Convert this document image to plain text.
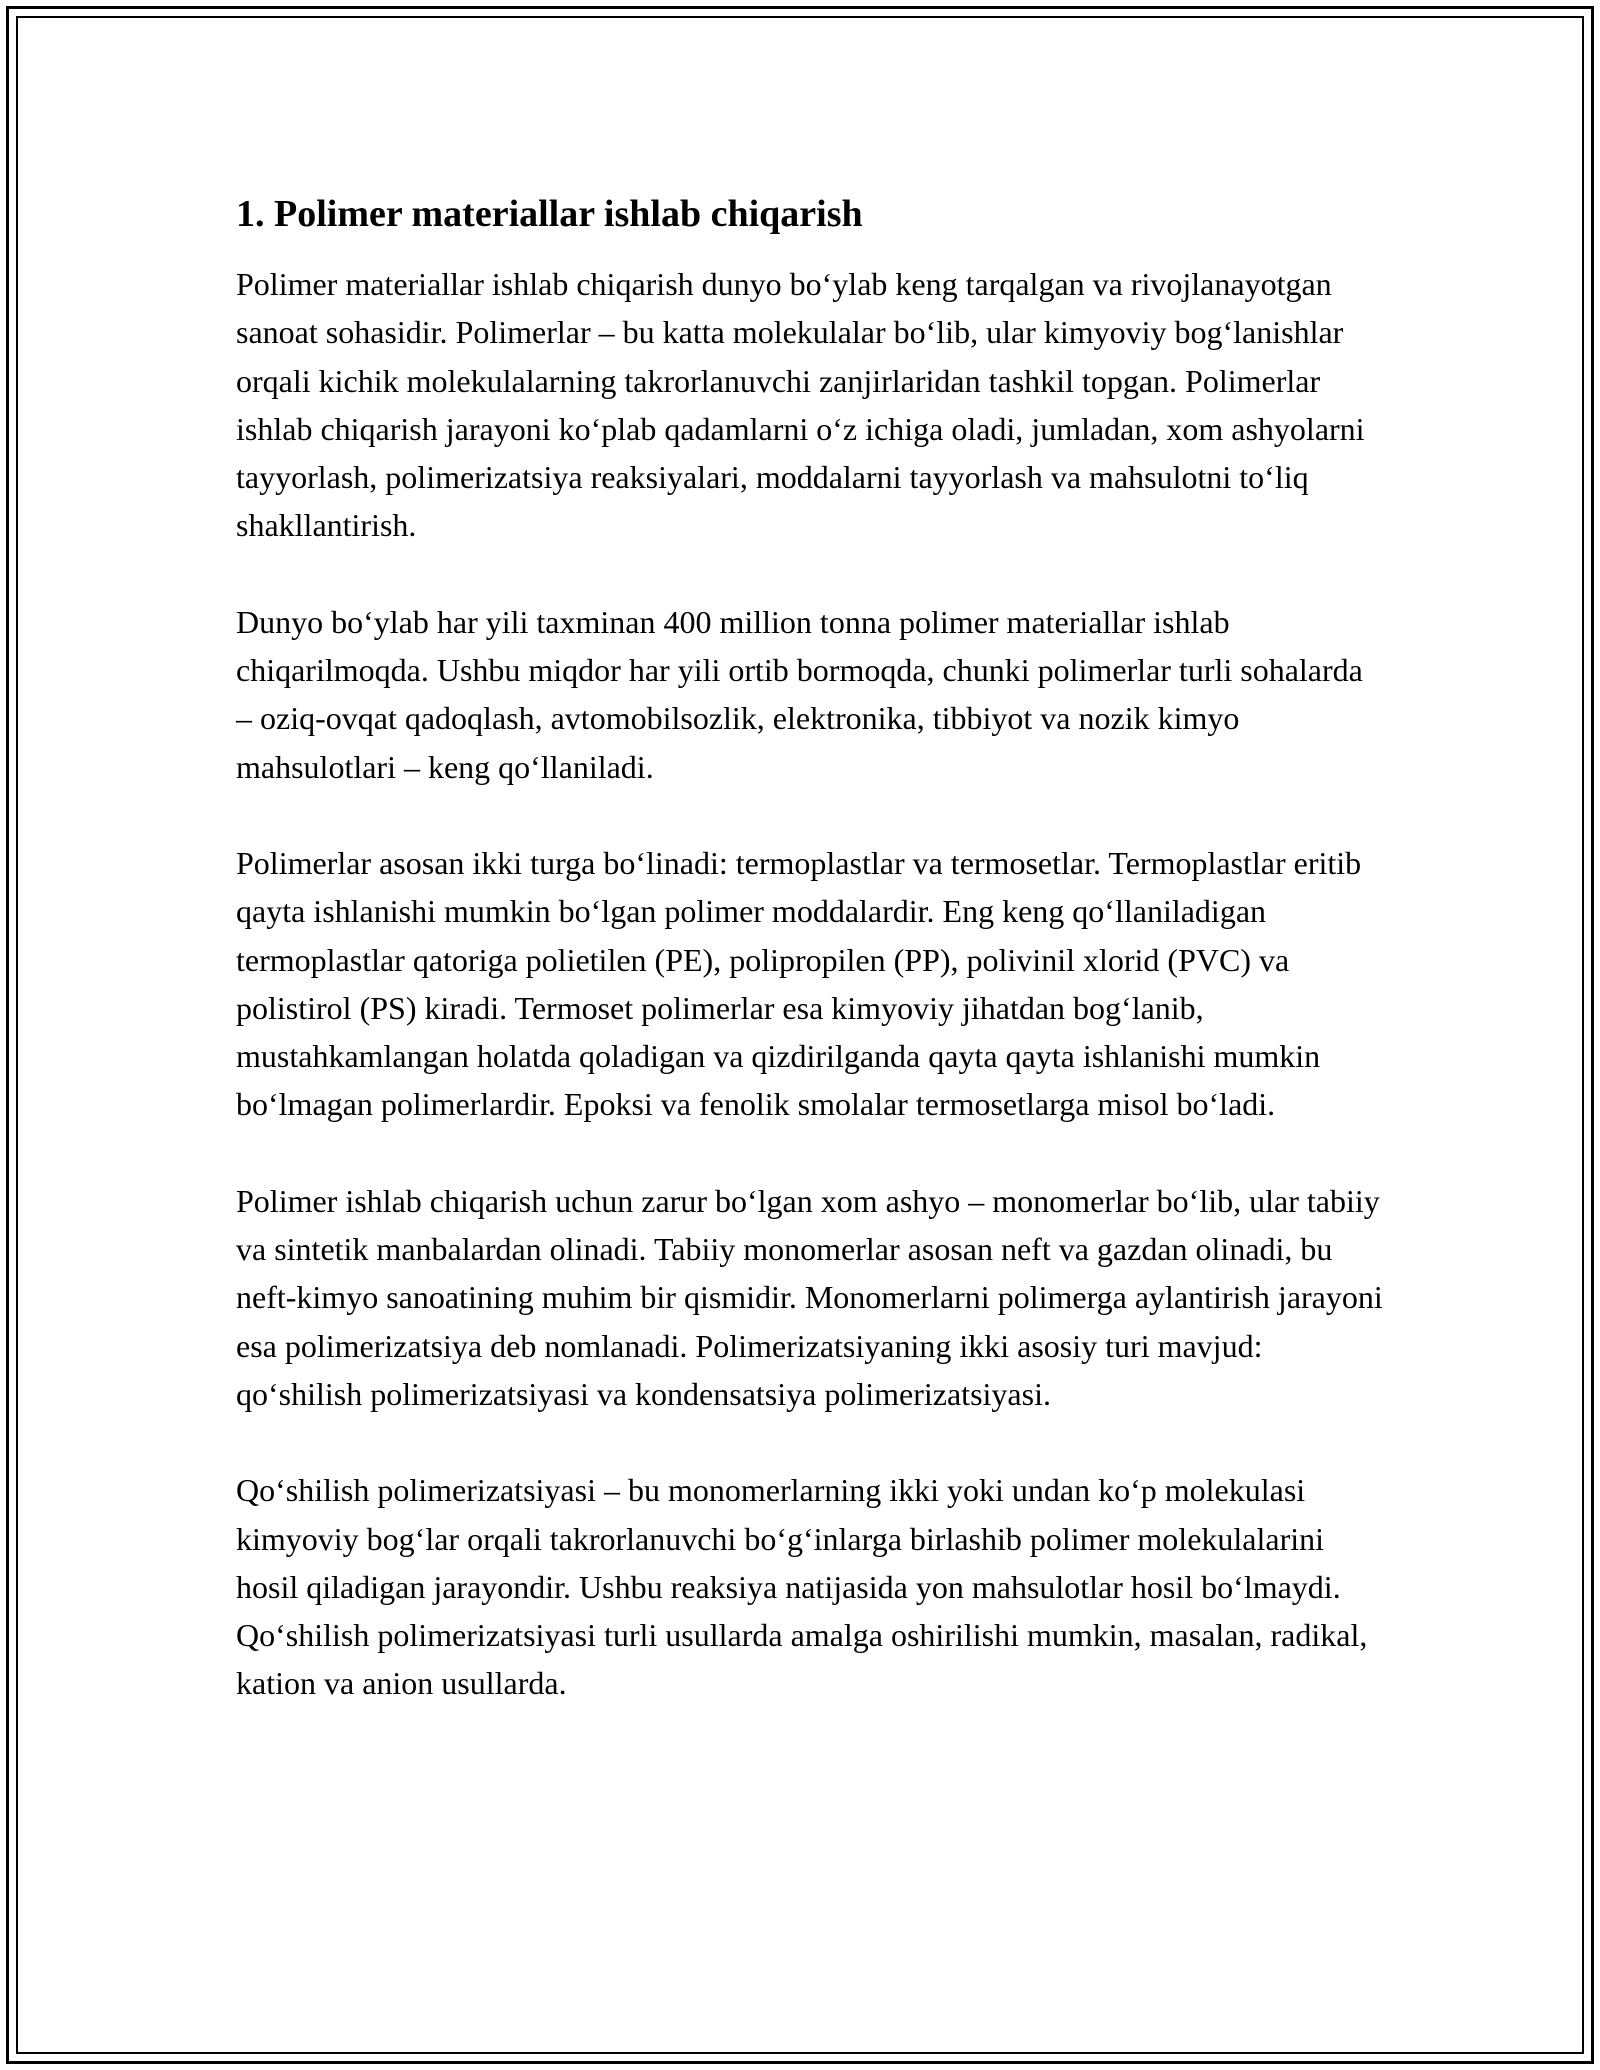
1. Polimer materiallar ishlab chiqarish

Polimer materiallar ishlab chiqarish dunyo bo‘ylab keng tarqalgan va rivojlanayotgan sanoat sohasidir. Polimerlar – bu katta molekulalar bo‘lib, ular kimyoviy bog‘lanishlar orqali kichik molekulalarning takrorlanuvchi zanjirlaridan tashkil topgan. Polimerlar ishlab chiqarish jarayoni ko‘plab qadamlarni o‘z ichiga oladi, jumladan, xom ashyolarni tayyorlash, polimerizatsiya reaksiyalari, moddalarni tayyorlash va mahsulotni to‘liq shakllantirish.

Dunyo bo‘ylab har yili taxminan 400 million tonna polimer materiallar ishlab chiqarilmoqda. Ushbu miqdor har yili ortib bormoqda, chunki polimerlar turli sohalarda – oziq-ovqat qadoqlash, avtomobilsozlik, elektronika, tibbiyot va nozik kimyo mahsulotlari – keng qo‘llaniladi.

Polimerlar asosan ikki turga bo‘linadi: termoplastlar va termosetlar. Termoplastlar eritib qayta ishlanishi mumkin bo‘lgan polimer moddalardir. Eng keng qo‘llaniladigan termoplastlar qatoriga polietilen (PE), polipropilen (PP), polivinil xlorid (PVC) va polistirol (PS) kiradi. Termoset polimerlar esa kimyoviy jihatdan bog‘lanib, mustahkamlangan holatda qoladigan va qizdirilganda qayta qayta ishlanishi mumkin bo‘lmagan polimerlardir. Epoksi va fenolik smolalar termosetlarga misol bo‘ladi.

Polimer ishlab chiqarish uchun zarur bo‘lgan xom ashyo – monomerlar bo‘lib, ular tabiiy va sintetik manbalardan olinadi. Tabiiy monomerlar asosan neft va gazdan olinadi, bu neft-kimyo sanoatining muhim bir qismidir. Monomerlarni polimerga aylantirish jarayoni esa polimerizatsiya deb nomlanadi. Polimerizatsiyaning ikki asosiy turi mavjud: qo‘shilish polimerizatsiyasi va kondensatsiya polimerizatsiyasi.

Qo‘shilish polimerizatsiyasi – bu monomerlarning ikki yoki undan ko‘p molekulasi kimyoviy bog‘lar orqali takrorlanuvchi bo‘g‘inlarga birlashib polimer molekulalarini hosil qiladigan jarayondir. Ushbu reaksiya natijasida yon mahsulotlar hosil bo‘lmaydi. Qo‘shilish polimerizatsiyasi turli usullarda amalga oshirilishi mumkin, masalan, radikal, kation va anion usullarda.
